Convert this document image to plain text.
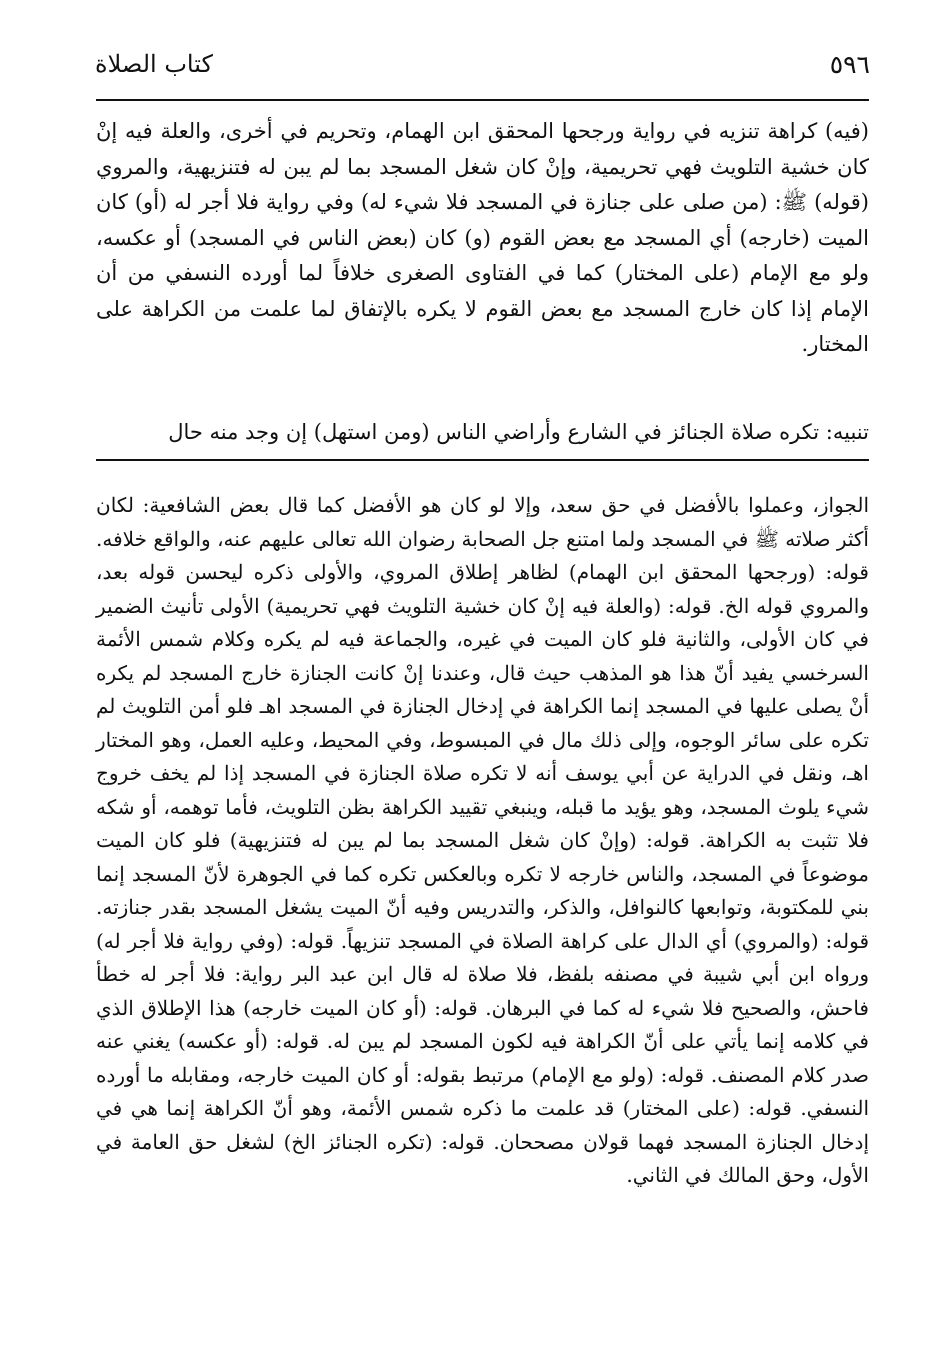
٥٩٦
كتاب الصلاة

(فيه) كراهة تنزيه في رواية ورجحها المحقق ابن الهمام، وتحريم في أخرى، والعلة فيه إنْ كان خشية التلويث فهي تحريمية، وإنْ كان شغل المسجد بما لم يبن له فتنزيهية، والمروي (قوله) ﷺ: (من صلى على جنازة في المسجد فلا شيء له) وفي رواية فلا أجر له (أو) كان الميت (خارجه) أي المسجد مع بعض القوم (و) كان (بعض الناس في المسجد) أو عكسه، ولو مع الإمام (على المختار) كما في الفتاوى الصغرى خلافاً لما أورده النسفي من أن الإمام إذا كان خارج المسجد مع بعض القوم لا يكره بالإتفاق لما علمت من الكراهة على المختار.

تنبيه: تكره صلاة الجنائز في الشارع وأراضي الناس (ومن استهل) إن وجد منه حال

الجواز، وعملوا بالأفضل في حق سعد، وإلا لو كان هو الأفضل كما قال بعض الشافعية: لكان أكثر صلاته ﷺ في المسجد ولما امتنع جل الصحابة رضوان الله تعالى عليهم عنه، والواقع خلافه. قوله: (ورجحها المحقق ابن الهمام) لظاهر إطلاق المروي، والأولى ذكره ليحسن قوله بعد، والمروي قوله الخ. قوله: (والعلة فيه إنْ كان خشية التلويث فهي تحريمية) الأولى تأنيث الضمير في كان الأولى، والثانية فلو كان الميت في غيره، والجماعة فيه لم يكره وكلام شمس الأئمة السرخسي يفيد أنّ هذا هو المذهب حيث قال، وعندنا إنْ كانت الجنازة خارج المسجد لم يكره أنْ يصلى عليها في المسجد إنما الكراهة في إدخال الجنازة في المسجد اهـ فلو أمن التلويث لم تكره على سائر الوجوه، وإلى ذلك مال في المبسوط، وفي المحيط، وعليه العمل، وهو المختار اهـ، ونقل في الدراية عن أبي يوسف أنه لا تكره صلاة الجنازة في المسجد إذا لم يخف خروج شيء يلوث المسجد، وهو يؤيد ما قبله، وينبغي تقييد الكراهة بظن التلويث، فأما توهمه، أو شكه فلا تثبت به الكراهة. قوله: (وإنْ كان شغل المسجد بما لم يبن له فتنزيهية) فلو كان الميت موضوعاً في المسجد، والناس خارجه لا تكره وبالعكس تكره كما في الجوهرة لأنّ المسجد إنما بني للمكتوبة، وتوابعها كالنوافل، والذكر، والتدريس وفيه أنّ الميت يشغل المسجد بقدر جنازته. قوله: (والمروي) أي الدال على كراهة الصلاة في المسجد تنزيهاً. قوله: (وفي رواية فلا أجر له) ورواه ابن أبي شيبة في مصنفه بلفظ، فلا صلاة له قال ابن عبد البر رواية: فلا أجر له خطأ فاحش، والصحيح فلا شيء له كما في البرهان. قوله: (أو كان الميت خارجه) هذا الإطلاق الذي في كلامه إنما يأتي على أنّ الكراهة فيه لكون المسجد لم يبن له. قوله: (أو عكسه) يغني عنه صدر كلام المصنف. قوله: (ولو مع الإمام) مرتبط بقوله: أو كان الميت خارجه، ومقابله ما أورده النسفي. قوله: (على المختار) قد علمت ما ذكره شمس الأئمة، وهو أنّ الكراهة إنما هي في إدخال الجنازة المسجد فهما قولان مصححان. قوله: (تكره الجنائز الخ) لشغل حق العامة في الأول، وحق المالك في الثاني.
